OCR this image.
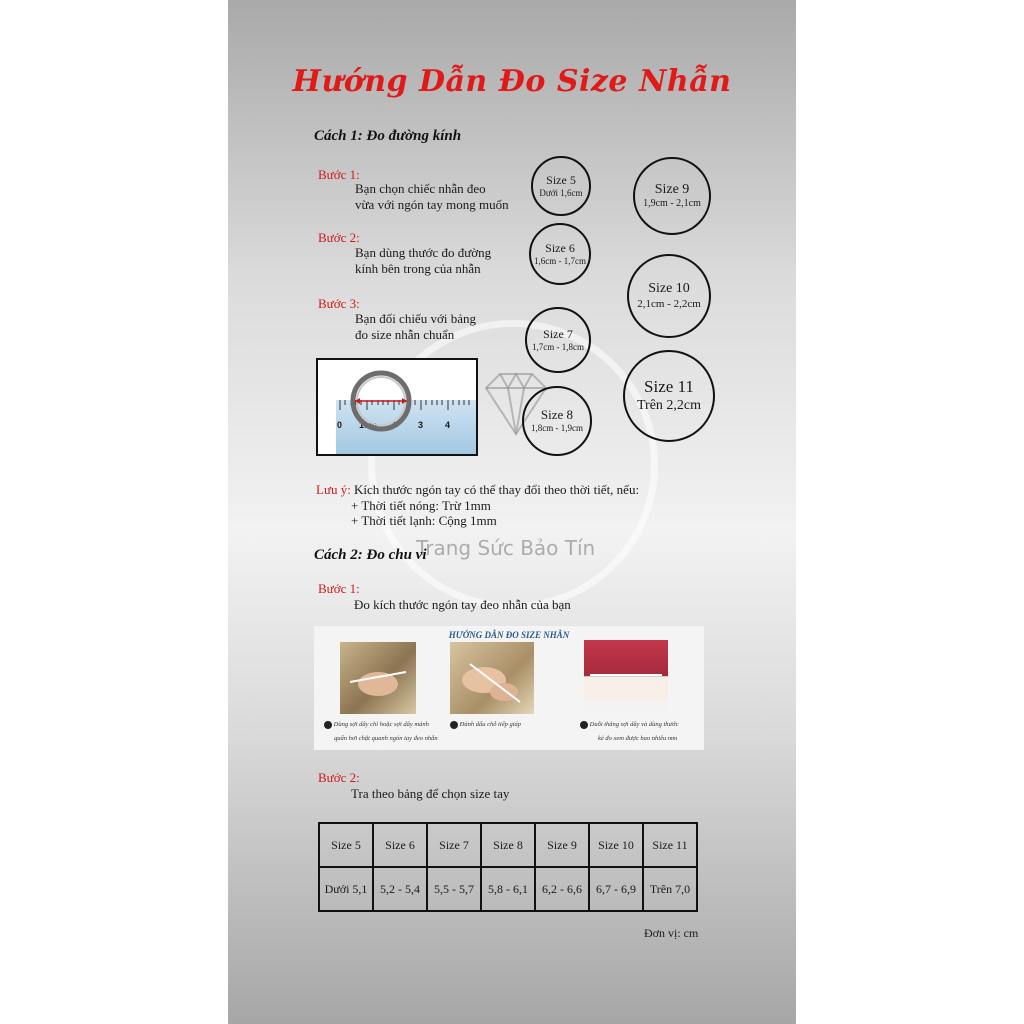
Trang Sức Bảo Tín
Hướng Dẫn Đo Size Nhẫn
Cách 1: Đo đường kính
Bước 1:
Bạn chọn chiếc nhẫn đeo
vừa với ngón tay mong muốn
Bước 2:
Bạn dùng thước đo đường
kính bên trong của nhẫn
Bước 3:
Bạn đối chiếu với bảng
đo size nhẫn chuẩn
0 1cm 2 3 4
Size 5
Dưới 1,6cm
Size 6
1,6cm - 1,7cm
Size 7
1,7cm - 1,8cm
Size 8
1,8cm - 1,9cm
Size 9
1,9cm - 2,1cm
Size 10
2,1cm - 2,2cm
Size 11
Trên 2,2cm
Lưu ý: Kích thước ngón tay có thể thay đổi theo thời tiết, nếu:
+ Thời tiết nóng: Trừ 1mm
+ Thời tiết lạnh: Cộng 1mm
Cách 2: Đo chu vi
Bước 1:
Đo kích thước ngón tay đeo nhẫn của bạn
HƯỚNG DẪN ĐO SIZE NHẪN
Dùng sợi dây chỉ hoặc sợi dây mảnh
quấn hơi chặt quanh ngón tay đeo nhẫn
Đánh dấu chỗ tiếp giáp	Duỗi thẳng sợi dây và dùng thước
kẻ đo xem được bao nhiêu mm
Bước 2:
Tra theo bảng để chọn size tay
Size 5	Size 6	Size 7	Size 8	Size 9	Size 10	Size 11
Dưới 5,1	5,2 - 5,4	5,5 - 5,7	5,8 - 6,1	6,2 - 6,6	6,7 - 6,9	Trên 7,0
Đơn vị: cm
